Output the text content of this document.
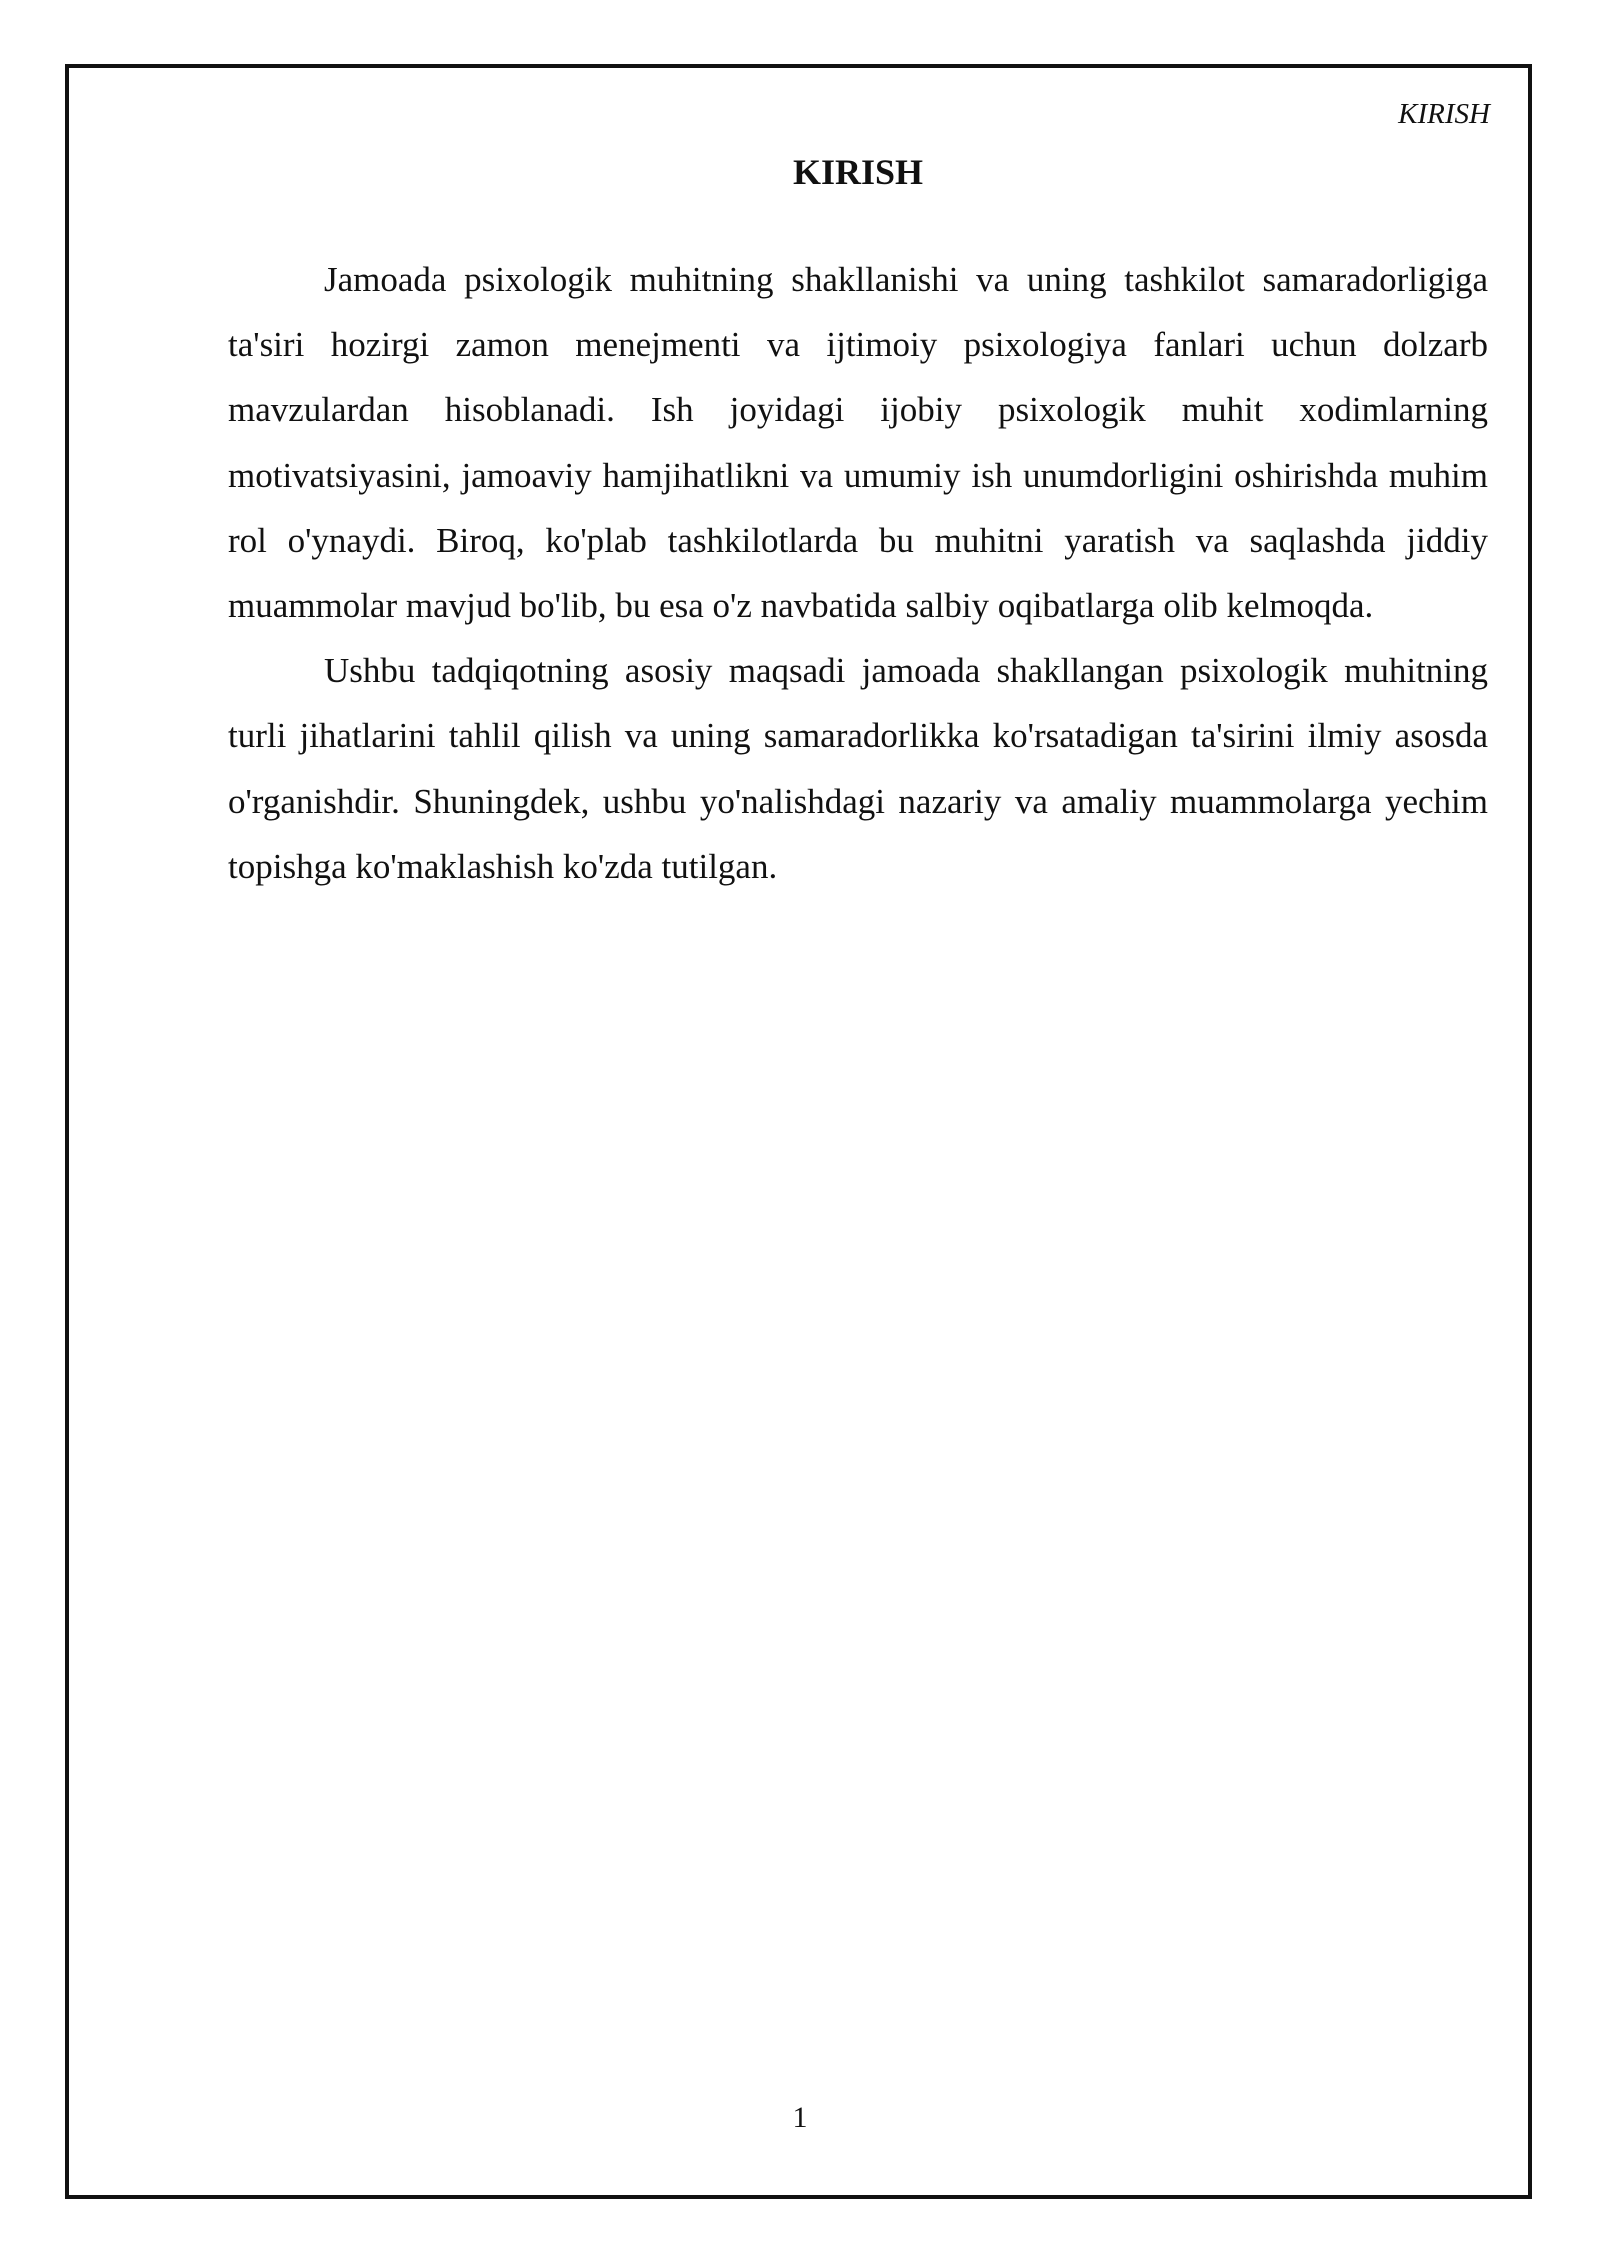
KIRISH
KIRISH

Jamoada psixologik muhitning shakllanishi va uning tashkilot samaradorligiga ta'siri hozirgi zamon menejmenti va ijtimoiy psixologiya fanlari uchun dolzarb mavzulardan hisoblanadi. Ish joyidagi ijobiy psixologik muhit xodimlarning motivatsiyasini, jamoaviy hamjihatlikni va umumiy ish unumdorligini oshirishda muhim rol o'ynaydi. Biroq, ko'plab tashkilotlarda bu muhitni yaratish va saqlashda jiddiy muammolar mavjud bo'lib, bu esa o'z navbatida salbiy oqibatlarga olib kelmoqda.

Ushbu tadqiqotning asosiy maqsadi jamoada shakllangan psixologik muhitning turli jihatlarini tahlil qilish va uning samaradorlikka ko'rsatadigan ta'sirini ilmiy asosda o'rganishdir. Shuningdek, ushbu yo'nalishdagi nazariy va amaliy muammolarga yechim topishga ko'maklashish ko'zda tutilgan.

1
